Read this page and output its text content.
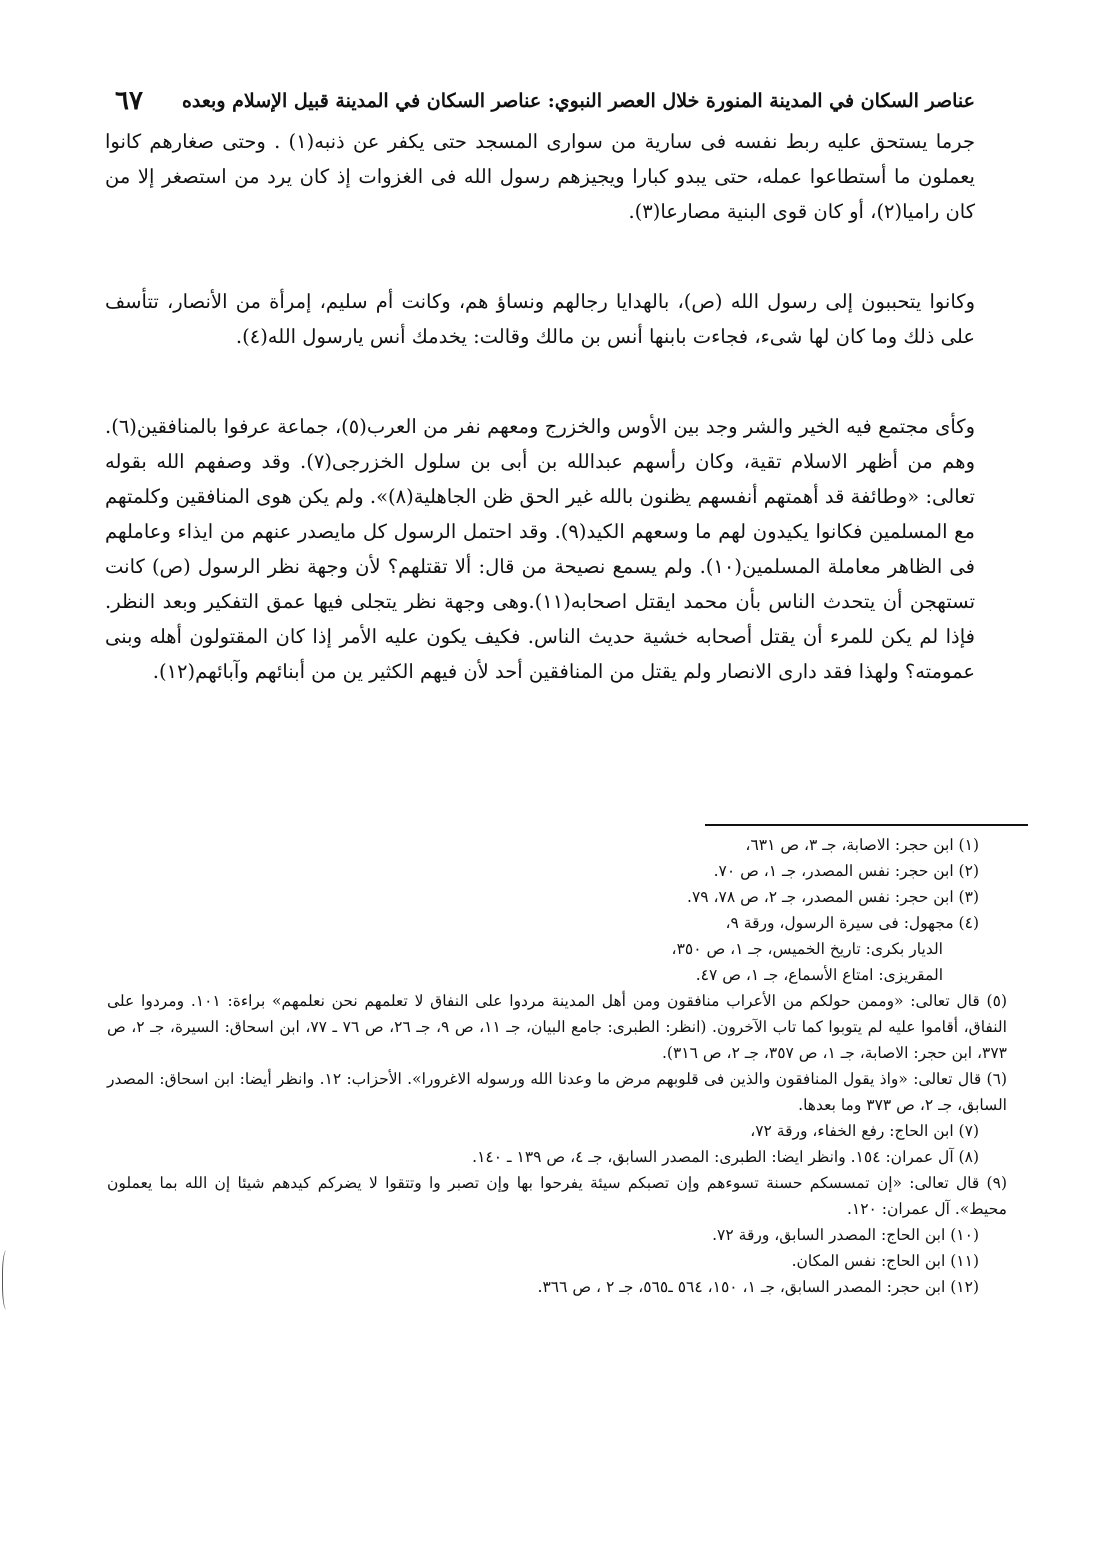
عناصر السكان في المدينة المنورة خلال العصر النبوي: عناصر السكان في المدينة قبيل الإسلام وبعده
٦٧

جرما يستحق عليه ربط نفسه فى سارية من سوارى المسجد حتى يكفر عن ذنبه(١) . وحتى صغارهم كانوا يعملون ما أستطاعوا عمله، حتى يبدو كبارا ويجيزهم رسول الله فى الغزوات إذ كان يرد من استصغر إلا من كان راميا(٢)، أو كان قوى البنية مصارعا(٣).

وكانوا يتحببون إلى رسول الله (ص)، بالهدايا رجالهم ونساؤ هم، وكانت أم سليم، إمرأة من الأنصار، تتأسف على ذلك وما كان لها شىء، فجاءت بابنها أنس بن مالك وقالت: يخدمك أنس يارسول الله(٤).

وكأى مجتمع فيه الخير والشر وجد بين الأوس والخزرج ومعهم نفر من العرب(٥)، جماعة عرفوا بالمنافقين(٦). وهم من أظهر الاسلام تقية، وكان رأسهم عبدالله بن أبى بن سلول الخزرجى(٧). وقد وصفهم الله بقوله تعالى: «وطائفة قد أهمتهم أنفسهم يظنون بالله غير الحق ظن الجاهلية(٨)». ولم يكن هوى المنافقين وكلمتهم مع المسلمين فكانوا يكيدون لهم ما وسعهم الكيد(٩). وقد احتمل الرسول كل مايصدر عنهم من ايذاء وعاملهم فى الظاهر معاملة المسلمين(١٠). ولم يسمع نصيحة من قال: ألا تقتلهم؟ لأن وجهة نظر الرسول (ص) كانت تستهجن أن يتحدث الناس بأن محمد ايقتل اصحابه(١١).وهى وجهة نظر يتجلى فيها عمق التفكير وبعد النظر. فإذا لم يكن للمرء أن يقتل أصحابه خشية حديث الناس. فكيف يكون عليه الأمر إذا كان المقتولون أهله وبنى عمومته؟ ولهذا فقد دارى الانصار ولم يقتل من المنافقين أحد لأن فيهم الكثير ين من أبنائهم وآبائهم(١٢).

(١) ابن حجر: الاصابة، جـ ٣، ص ٦٣١،

(٢) ابن حجر: نفس المصدر، جـ ١، ص ٧٠.

(٣) ابن حجر: نفس المصدر، جـ ٢، ص ٧٨، ٧٩.

(٤) مجهول: فى سيرة الرسول، ورقة ٩،

الديار بكرى: تاريخ الخميس، جـ ١، ص ٣٥٠،

المقريزى: امتاع الأسماع، جـ ١، ص ٤٧.

(٥) قال تعالى: «وممن حولكم من الأعراب منافقون ومن أهل المدينة مردوا على النفاق لا تعلمهم نحن نعلمهم» براءة: ١٠١. ومردوا على النفاق، أقاموا عليه لم يتوبوا كما تاب الآخرون. (انظر: الطبرى: جامع البيان، جـ ١١، ص ٩، جـ ٢٦، ص ٧٦ ـ ٧٧، ابن اسحاق: السيرة، جـ ٢، ص ٣٧٣، ابن حجر: الاصابة، جـ ١، ص ٣٥٧، جـ ٢، ص ٣١٦).

(٦) قال تعالى: «واذ يقول المنافقون والذين فى قلوبهم مرض ما وعدنا الله ورسوله الاغرورا». الأحزاب: ١٢. وانظر أيضا: ابن اسحاق: المصدر السابق، جـ ٢، ص ٣٧٣ وما بعدها.

(٧) ابن الحاج: رفع الخفاء، ورقة ٧٢،

(٨) آل عمران: ١٥٤. وانظر ايضا: الطبرى: المصدر السابق، جـ ٤، ص ١٣٩ ـ ١٤٠.

(٩) قال تعالى: «إن تمسسكم حسنة تسوءهم وإن تصبكم سيئة يفرحوا بها وإن تصبر وا وتتقوا لا يضركم كيدهم شيئا إن الله بما يعملون محيط». آل عمران: ١٢٠.

(١٠) ابن الحاج: المصدر السابق، ورقة ٧٢.

(١١) ابن الحاج: نفس المكان.

(١٢) ابن حجر: المصدر السابق، جـ ١، ١٥٠، ٥٦٤ ـ٥٦٥، جـ ٢ ، ص ٣٦٦.
